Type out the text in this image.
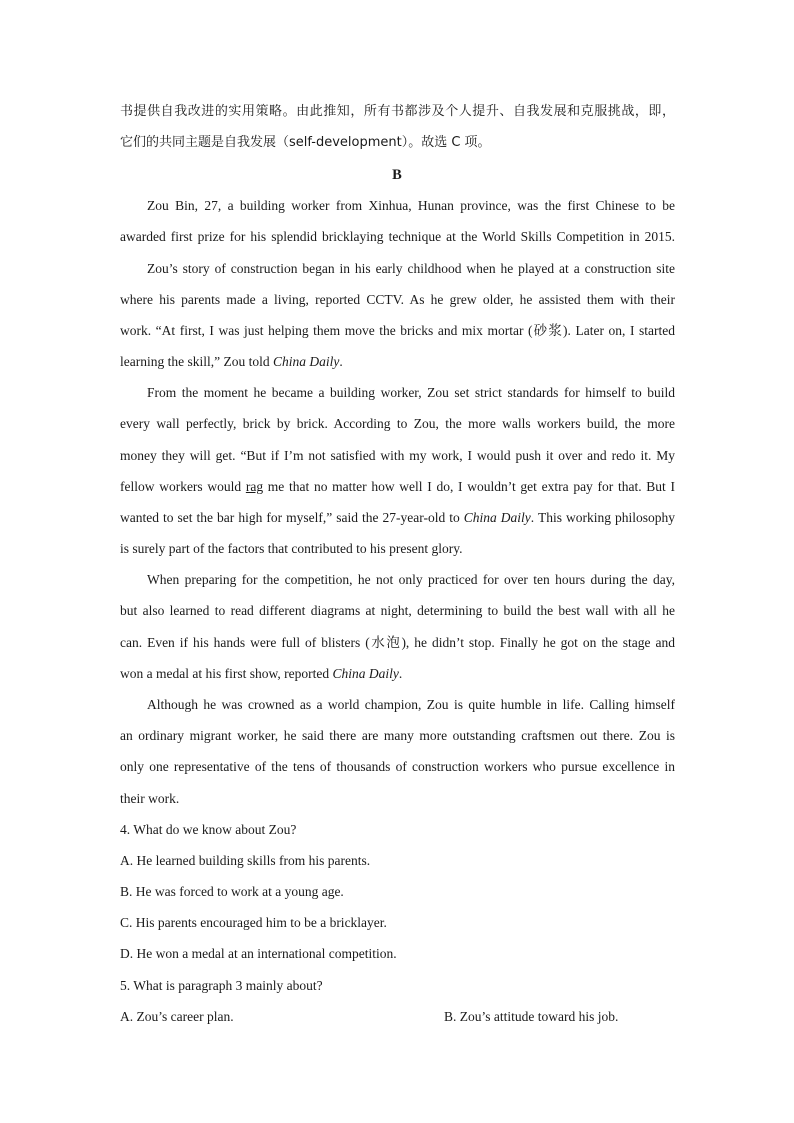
书提供自我改进的实用策略。由此推知，所有书都涉及个人提升、自我发展和克服挑战，即，
它们的共同主题是自我发展（self-development）。故选 C 项。
B
Zou Bin, 27, a building worker from Xinhua, Hunan province, was the first Chinese to be
awarded first prize for his splendid bricklaying technique at the World Skills Competition in 2015.
Zou’s story of construction began in his early childhood when he played at a construction site
where his parents made a living, reported CCTV. As he grew older, he assisted them with their
work. “At first, I was just helping them move the bricks and mix mortar (砂浆). Later on, I started
learning the skill,” Zou told China Daily.
From the moment he became a building worker, Zou set strict standards for himself to build
every wall perfectly, brick by brick. According to Zou, the more walls workers build, the more
money they will get. “But if I’m not satisfied with my work, I would push it over and redo it. My
fellow workers would rag me that no matter how well I do, I wouldn’t get extra pay for that. But I
wanted to set the bar high for myself,” said the 27-year-old to China Daily. This working philosophy
is surely part of the factors that contributed to his present glory.
When preparing for the competition, he not only practiced for over ten hours during the day,
but also learned to read different diagrams at night, determining to build the best wall with all he
can. Even if his hands were full of blisters (水泡), he didn’t stop. Finally he got on the stage and
won a medal at his first show, reported China Daily.
Although he was crowned as a world champion, Zou is quite humble in life. Calling himself
an ordinary migrant worker, he said there are many more outstanding craftsmen out there. Zou is
only one representative of the tens of thousands of construction workers who pursue excellence in
their work.
4. What do we know about Zou?
A. He learned building skills from his parents.
B. He was forced to work at a young age.
C. His parents encouraged him to be a bricklayer.
D. He won a medal at an international competition.
5. What is paragraph 3 mainly about?
A. Zou’s career plan.	B. Zou’s attitude toward his job.
